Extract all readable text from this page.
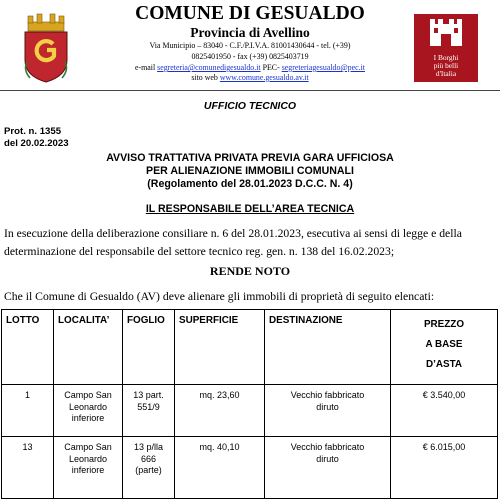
I Borghi
più belli
d'Italia
COMUNE DI GESUALDO
Provincia di Avellino
Via Municipio – 83040 - C.F./P.I.V.A. 81001430644 - tel. (+39)
0825401950 - fax (+39) 0825403719
e-mail segreteria@comunedigesualdo.it PEC- segreteriagesualdo@pec.it
sito web www.comune.gesualdo.av.it
UFFICIO TECNICO
Prot. n. 1355
del 20.02.2023
AVVISO TRATTATIVA PRIVATA PREVIA GARA UFFICIOSA
PER ALIENAZIONE IMMOBILI COMUNALI
(Regolamento del 28.01.2023 D.C.C. N. 4)
IL RESPONSABILE DELL’AREA TECNICA
In esecuzione della deliberazione consiliare n. 6 del 28.01.2023, esecutiva ai sensi di legge e della
determinazione del responsabile del settore tecnico reg. gen. n. 138 del 16.02.2023;
RENDE NOTO
Che il Comune di Gesualdo (AV) deve alienare gli immobili di proprietà di seguito elencati:
LOTTO	LOCALITA’	FOGLIO	SUPERFICIE	DESTINAZIONE	PREZZO
A BASE
D’ASTA
1	Campo San
Leonardo
inferiore	13 part.
551/9	mq. 23,60	Vecchio fabbricato
diruto	€ 3.540,00
13	Campo San
Leonardo
inferiore	13 p/lla
666
(parte)	mq. 40,10	Vecchio fabbricato
diruto	€ 6.015,00
